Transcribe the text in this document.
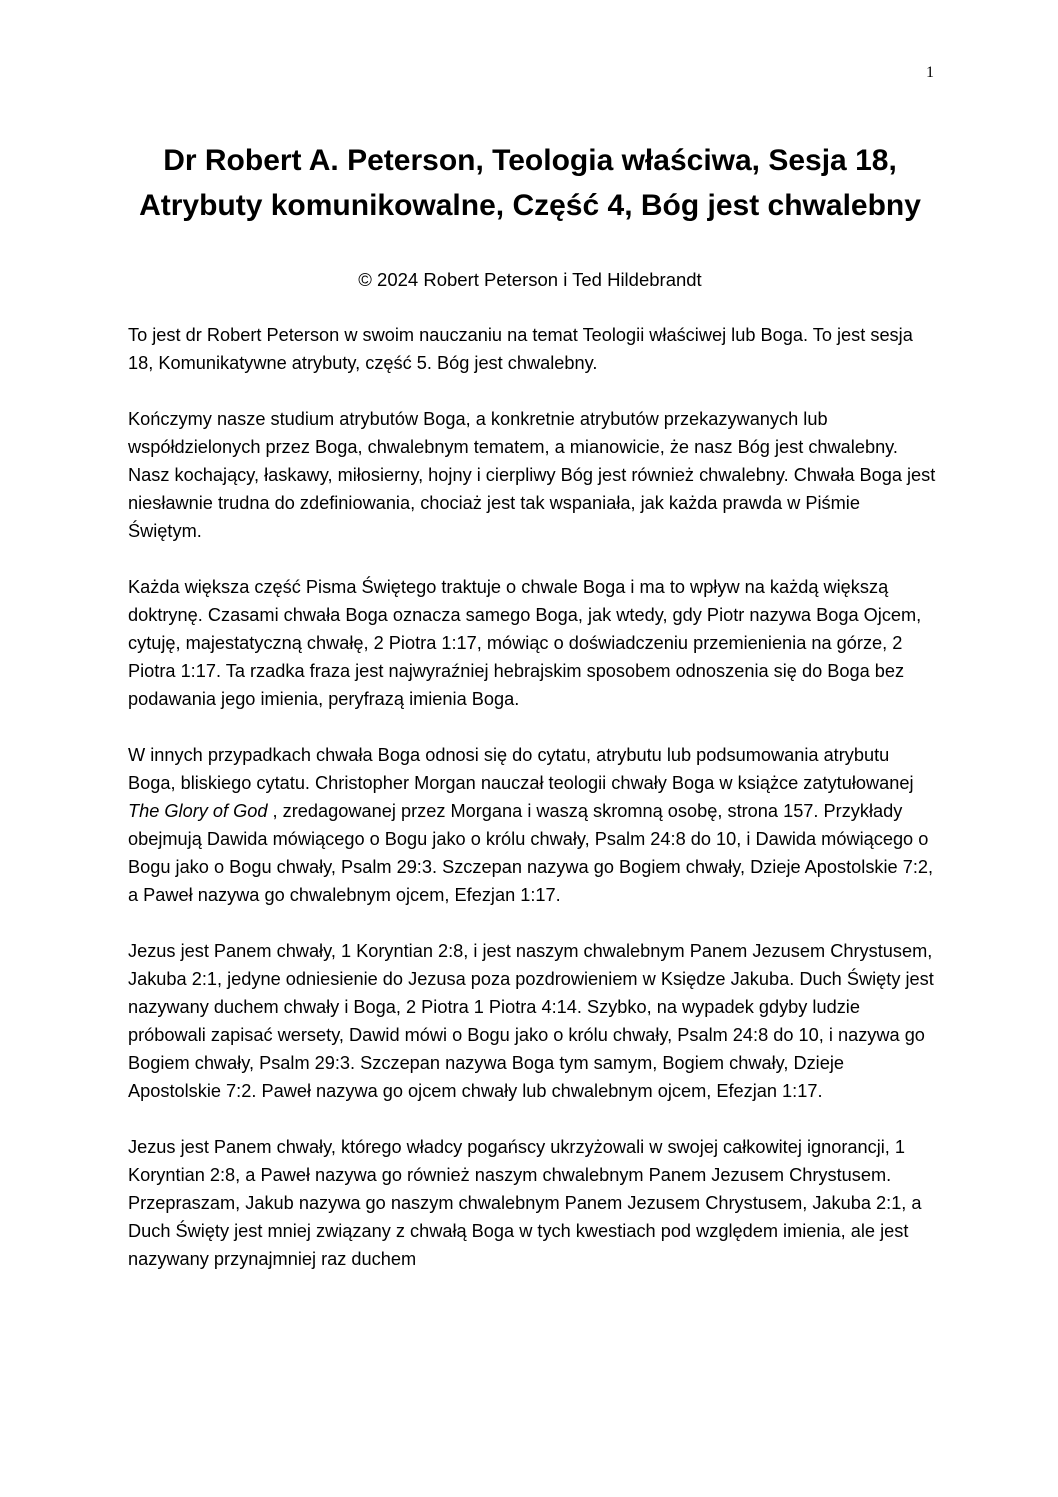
1
Dr Robert A. Peterson, Teologia właściwa, Sesja 18, Atrybuty komunikowalne, Część 4, Bóg jest chwalebny
© 2024 Robert Peterson i Ted Hildebrandt

To jest dr Robert Peterson w swoim nauczaniu na temat Teologii właściwej lub Boga. To jest sesja 18, Komunikatywne atrybuty, część 5. Bóg jest chwalebny.

Kończymy nasze studium atrybutów Boga, a konkretnie atrybutów przekazywanych lub współdzielonych przez Boga, chwalebnym tematem, a mianowicie, że nasz Bóg jest chwalebny. Nasz kochający, łaskawy, miłosierny, hojny i cierpliwy Bóg jest również chwalebny. Chwała Boga jest niesławnie trudna do zdefiniowania, chociaż jest tak wspaniała, jak każda prawda w Piśmie Świętym.

Każda większa część Pisma Świętego traktuje o chwale Boga i ma to wpływ na każdą większą doktrynę. Czasami chwała Boga oznacza samego Boga, jak wtedy, gdy Piotr nazywa Boga Ojcem, cytuję, majestatyczną chwałę, 2 Piotra 1:17, mówiąc o doświadczeniu przemienienia na górze, 2 Piotra 1:17. Ta rzadka fraza jest najwyraźniej hebrajskim sposobem odnoszenia się do Boga bez podawania jego imienia, peryfrazą imienia Boga.

W innych przypadkach chwała Boga odnosi się do cytatu, atrybutu lub podsumowania atrybutu Boga, bliskiego cytatu. Christopher Morgan nauczał teologii chwały Boga w książce zatytułowanej The Glory of God , zredagowanej przez Morgana i waszą skromną osobę, strona 157. Przykłady obejmują Dawida mówiącego o Bogu jako o królu chwały, Psalm 24:8 do 10, i Dawida mówiącego o Bogu jako o Bogu chwały, Psalm 29:3. Szczepan nazywa go Bogiem chwały, Dzieje Apostolskie 7:2, a Paweł nazywa go chwalebnym ojcem, Efezjan 1:17.

Jezus jest Panem chwały, 1 Koryntian 2:8, i jest naszym chwalebnym Panem Jezusem Chrystusem, Jakuba 2:1, jedyne odniesienie do Jezusa poza pozdrowieniem w Księdze Jakuba. Duch Święty jest nazywany duchem chwały i Boga, 2 Piotra 1 Piotra 4:14. Szybko, na wypadek gdyby ludzie próbowali zapisać wersety, Dawid mówi o Bogu jako o królu chwały, Psalm 24:8 do 10, i nazywa go Bogiem chwały, Psalm 29:3. Szczepan nazywa Boga tym samym, Bogiem chwały, Dzieje Apostolskie 7:2. Paweł nazywa go ojcem chwały lub chwalebnym ojcem, Efezjan 1:17.

Jezus jest Panem chwały, którego władcy pogańscy ukrzyżowali w swojej całkowitej ignorancji, 1 Koryntian 2:8, a Paweł nazywa go również naszym chwalebnym Panem Jezusem Chrystusem. Przepraszam, Jakub nazywa go naszym chwalebnym Panem Jezusem Chrystusem, Jakuba 2:1, a Duch Święty jest mniej związany z chwałą Boga w tych kwestiach pod względem imienia, ale jest nazywany przynajmniej raz duchem
